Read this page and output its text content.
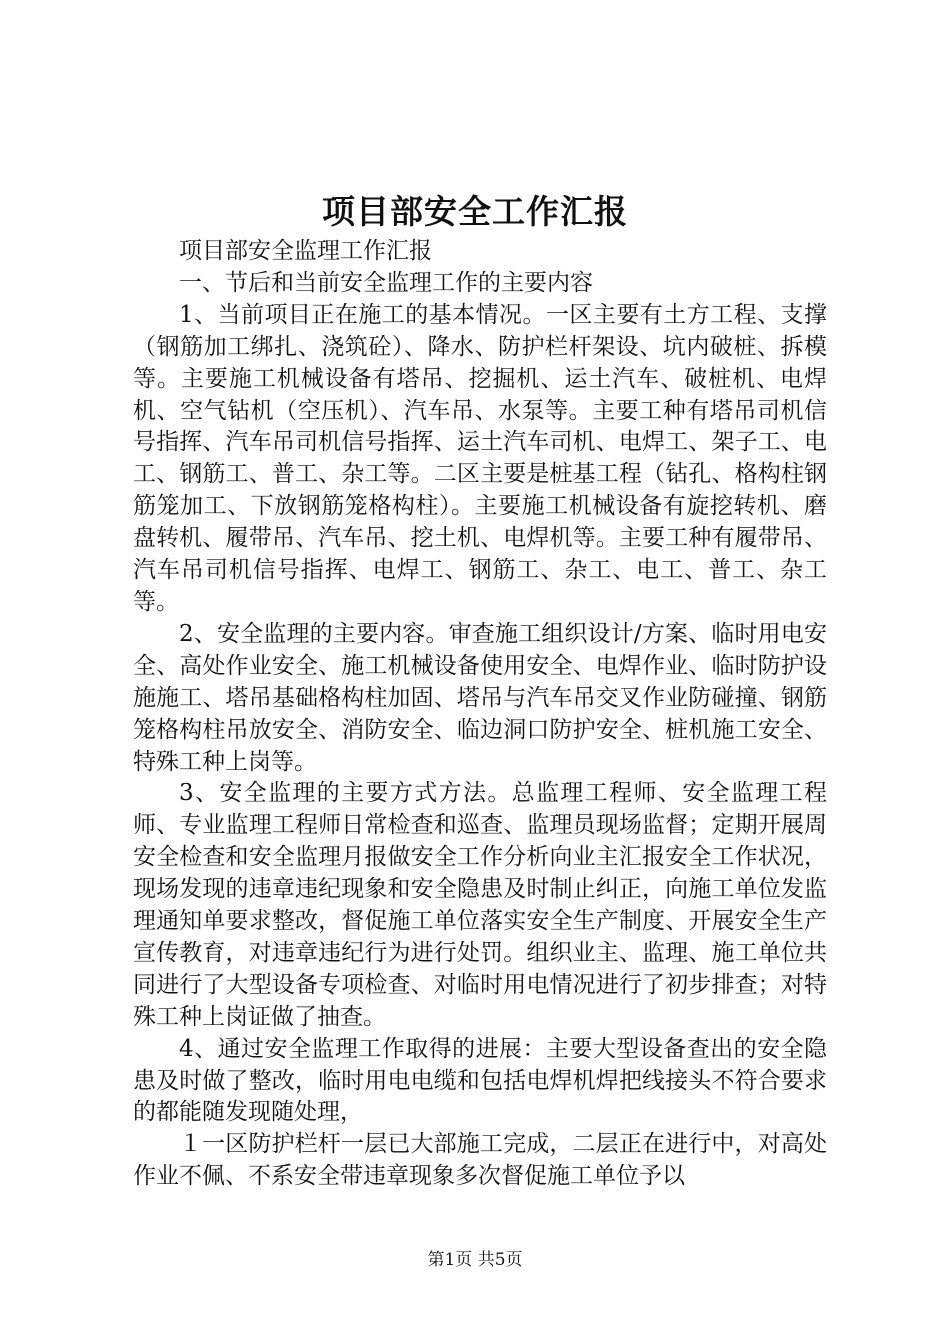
项目部安全工作汇报

项目部安全监理工作汇报

一、节后和当前安全监理工作的主要内容

1、当前项目正在施工的基本情况。一区主要有土方工程、支撑（钢筋加工绑扎、浇筑砼）、降水、防护栏杆架设、坑内破桩、拆模等。主要施工机械设备有塔吊、挖掘机、运土汽车、破桩机、电焊机、空气钻机（空压机）、汽车吊、水泵等。主要工种有塔吊司机信号指挥、汽车吊司机信号指挥、运土汽车司机、电焊工、架子工、电工、钢筋工、普工、杂工等。二区主要是桩基工程（钻孔、格构柱钢筋笼加工、下放钢筋笼格构柱）。主要施工机械设备有旋挖转机、磨盘转机、履带吊、汽车吊、挖土机、电焊机等。主要工种有履带吊、汽车吊司机信号指挥、电焊工、钢筋工、杂工、电工、普工、杂工等。

2、安全监理的主要内容。审查施工组织设计/方案、临时用电安全、高处作业安全、施工机械设备使用安全、电焊作业、临时防护设施施工、塔吊基础格构柱加固、塔吊与汽车吊交叉作业防碰撞、钢筋笼格构柱吊放安全、消防安全、临边洞口防护安全、桩机施工安全、特殊工种上岗等。

3、安全监理的主要方式方法。总监理工程师、安全监理工程师、专业监理工程师日常检查和巡查、监理员现场监督；定期开展周安全检查和安全监理月报做安全工作分析向业主汇报安全工作状况，现场发现的违章违纪现象和安全隐患及时制止纠正，向施工单位发监理通知单要求整改，督促施工单位落实安全生产制度、开展安全生产宣传教育，对违章违纪行为进行处罚。组织业主、监理、施工单位共同进行了大型设备专项检查、对临时用电情况进行了初步排查；对特殊工种上岗证做了抽查。

4、通过安全监理工作取得的进展：主要大型设备查出的安全隐患及时做了整改，临时用电电缆和包括电焊机焊把线接头不符合要求的都能随发现随处理，

１一区防护栏杆一层已大部施工完成，二层正在进行中，对高处作业不佩、不系安全带违章现象多次督促施工单位予以

第1页 共5页
